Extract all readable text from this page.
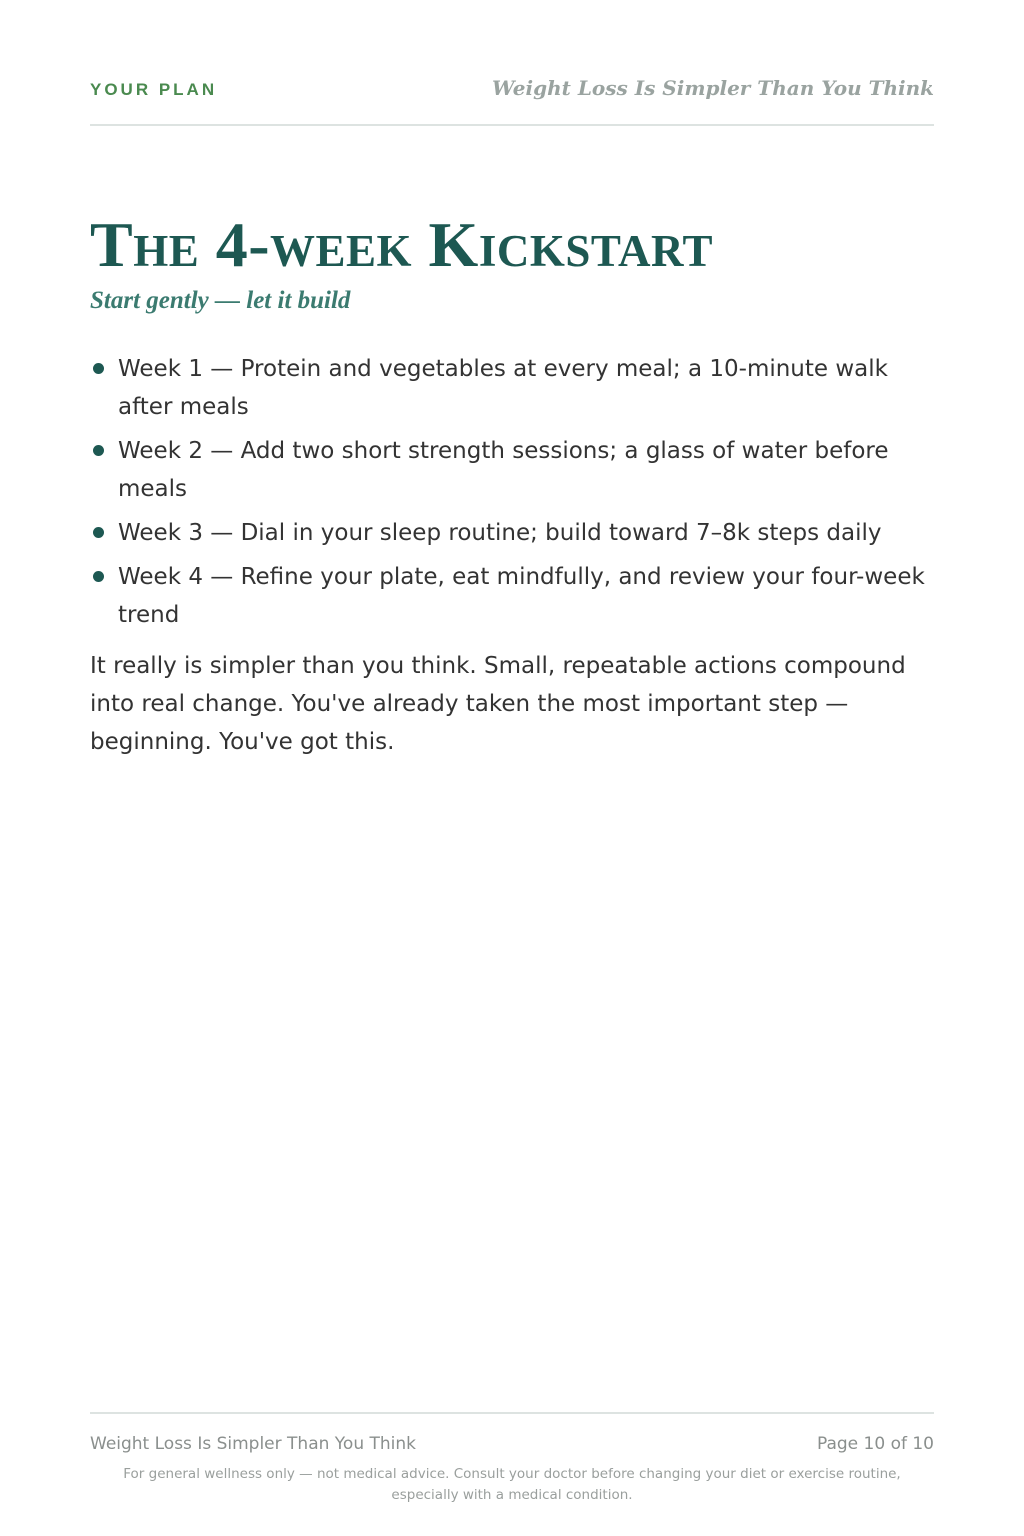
YOUR PLAN	Weight Loss Is Simpler Than You Think
The 4-week Kickstart
Start gently — let it build
Week 1 — Protein and vegetables at every meal; a 10-minute walk after meals
Week 2 — Add two short strength sessions; a glass of water before meals
Week 3 — Dial in your sleep routine; build toward 7–8k steps daily
Week 4 — Refine your plate, eat mindfully, and review your four-week trend

It really is simpler than you think. Small, repeatable actions compound into real change. You've already taken the most important step — beginning. You've got this.

Weight Loss Is Simpler Than You Think	Page 10 of 10
For general wellness only — not medical advice. Consult your doctor before changing your diet or exercise routine, especially with a medical condition.
